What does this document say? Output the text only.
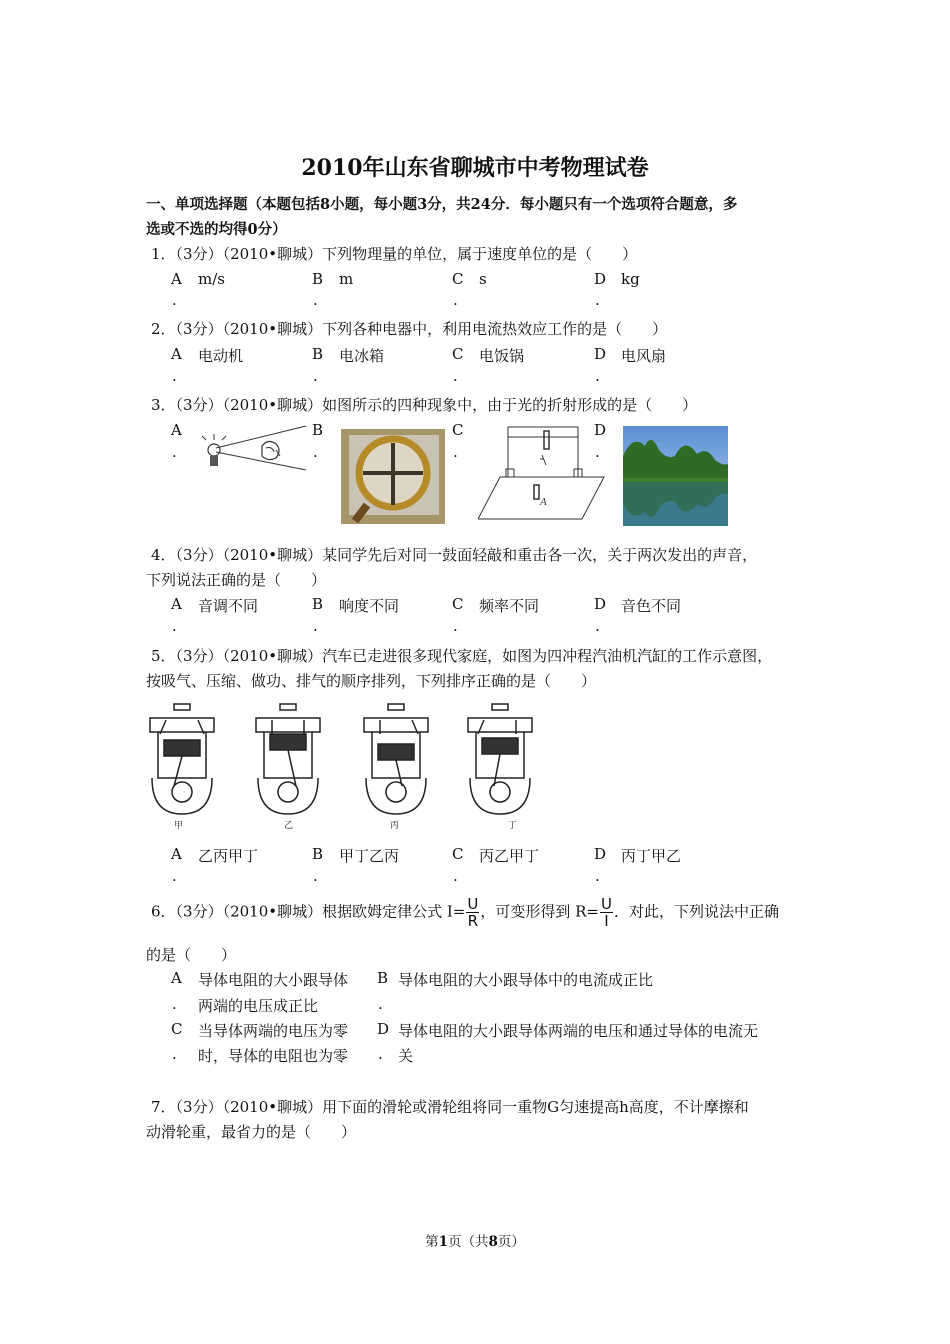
2010年山东省聊城市中考物理试卷
一、单项选择题（本题包括8小题，每小题3分，共24分．每小题只有一个选项符合题意，多
选或不选的均得0分）
1．（3分）（2010•聊城）下列物理量的单位，属于速度单位的是（　　）
A m/s	B m	C s	D kg
.	.	.	.
2．（3分）（2010•聊城）下列各种电器中，利用电流热效应工作的是（　　）
A 电动机	B 电冰箱	C 电饭锅	D 电风扇
.	.	.	.
3．（3分）（2010•聊城）如图所示的四种现象中，由于光的折射形成的是（　　）
A
.
B
.
C
.
D
.
A
4．（3分）（2010•聊城）某同学先后对同一鼓面轻敲和重击各一次，关于两次发出的声音，
下列说法正确的是（　　）
A 音调不同	B 响度不同	C 频率不同	D 音色不同
.	.	.	.
5．（3分）（2010•聊城）汽车已走进很多现代家庭，如图为四冲程汽油机汽缸的工作示意图，
按吸气、压缩、做功、排气的顺序排列，下列排序正确的是（　　）
甲	乙	丙	丁
A 乙丙甲丁	B 甲丁乙丙	C 丙乙甲丁	D 丙丁甲乙
.	.	.	.
6．（3分）（2010•聊城）根据欧姆定律公式 $I= \frac{U}{R}$ ，可变形得到 $R= \frac{U}{I}$ ．对此，下列说法中正确
的是（　　）
A 导体电阻的大小跟导体
. 两端的电压成正比
B 导体电阻的大小跟导体中的电流成正比
.
C 当导体两端的电压为零
. 时，导体的电阻也为零
D 导体电阻的大小跟导体两端的电压和通过导体的电流无
. 关
7．（3分）（2010•聊城）用下面的滑轮或滑轮组将同一重物G匀速提高h高度，不计摩擦和
动滑轮重，最省力的是（　　）
第1页（共8页）
